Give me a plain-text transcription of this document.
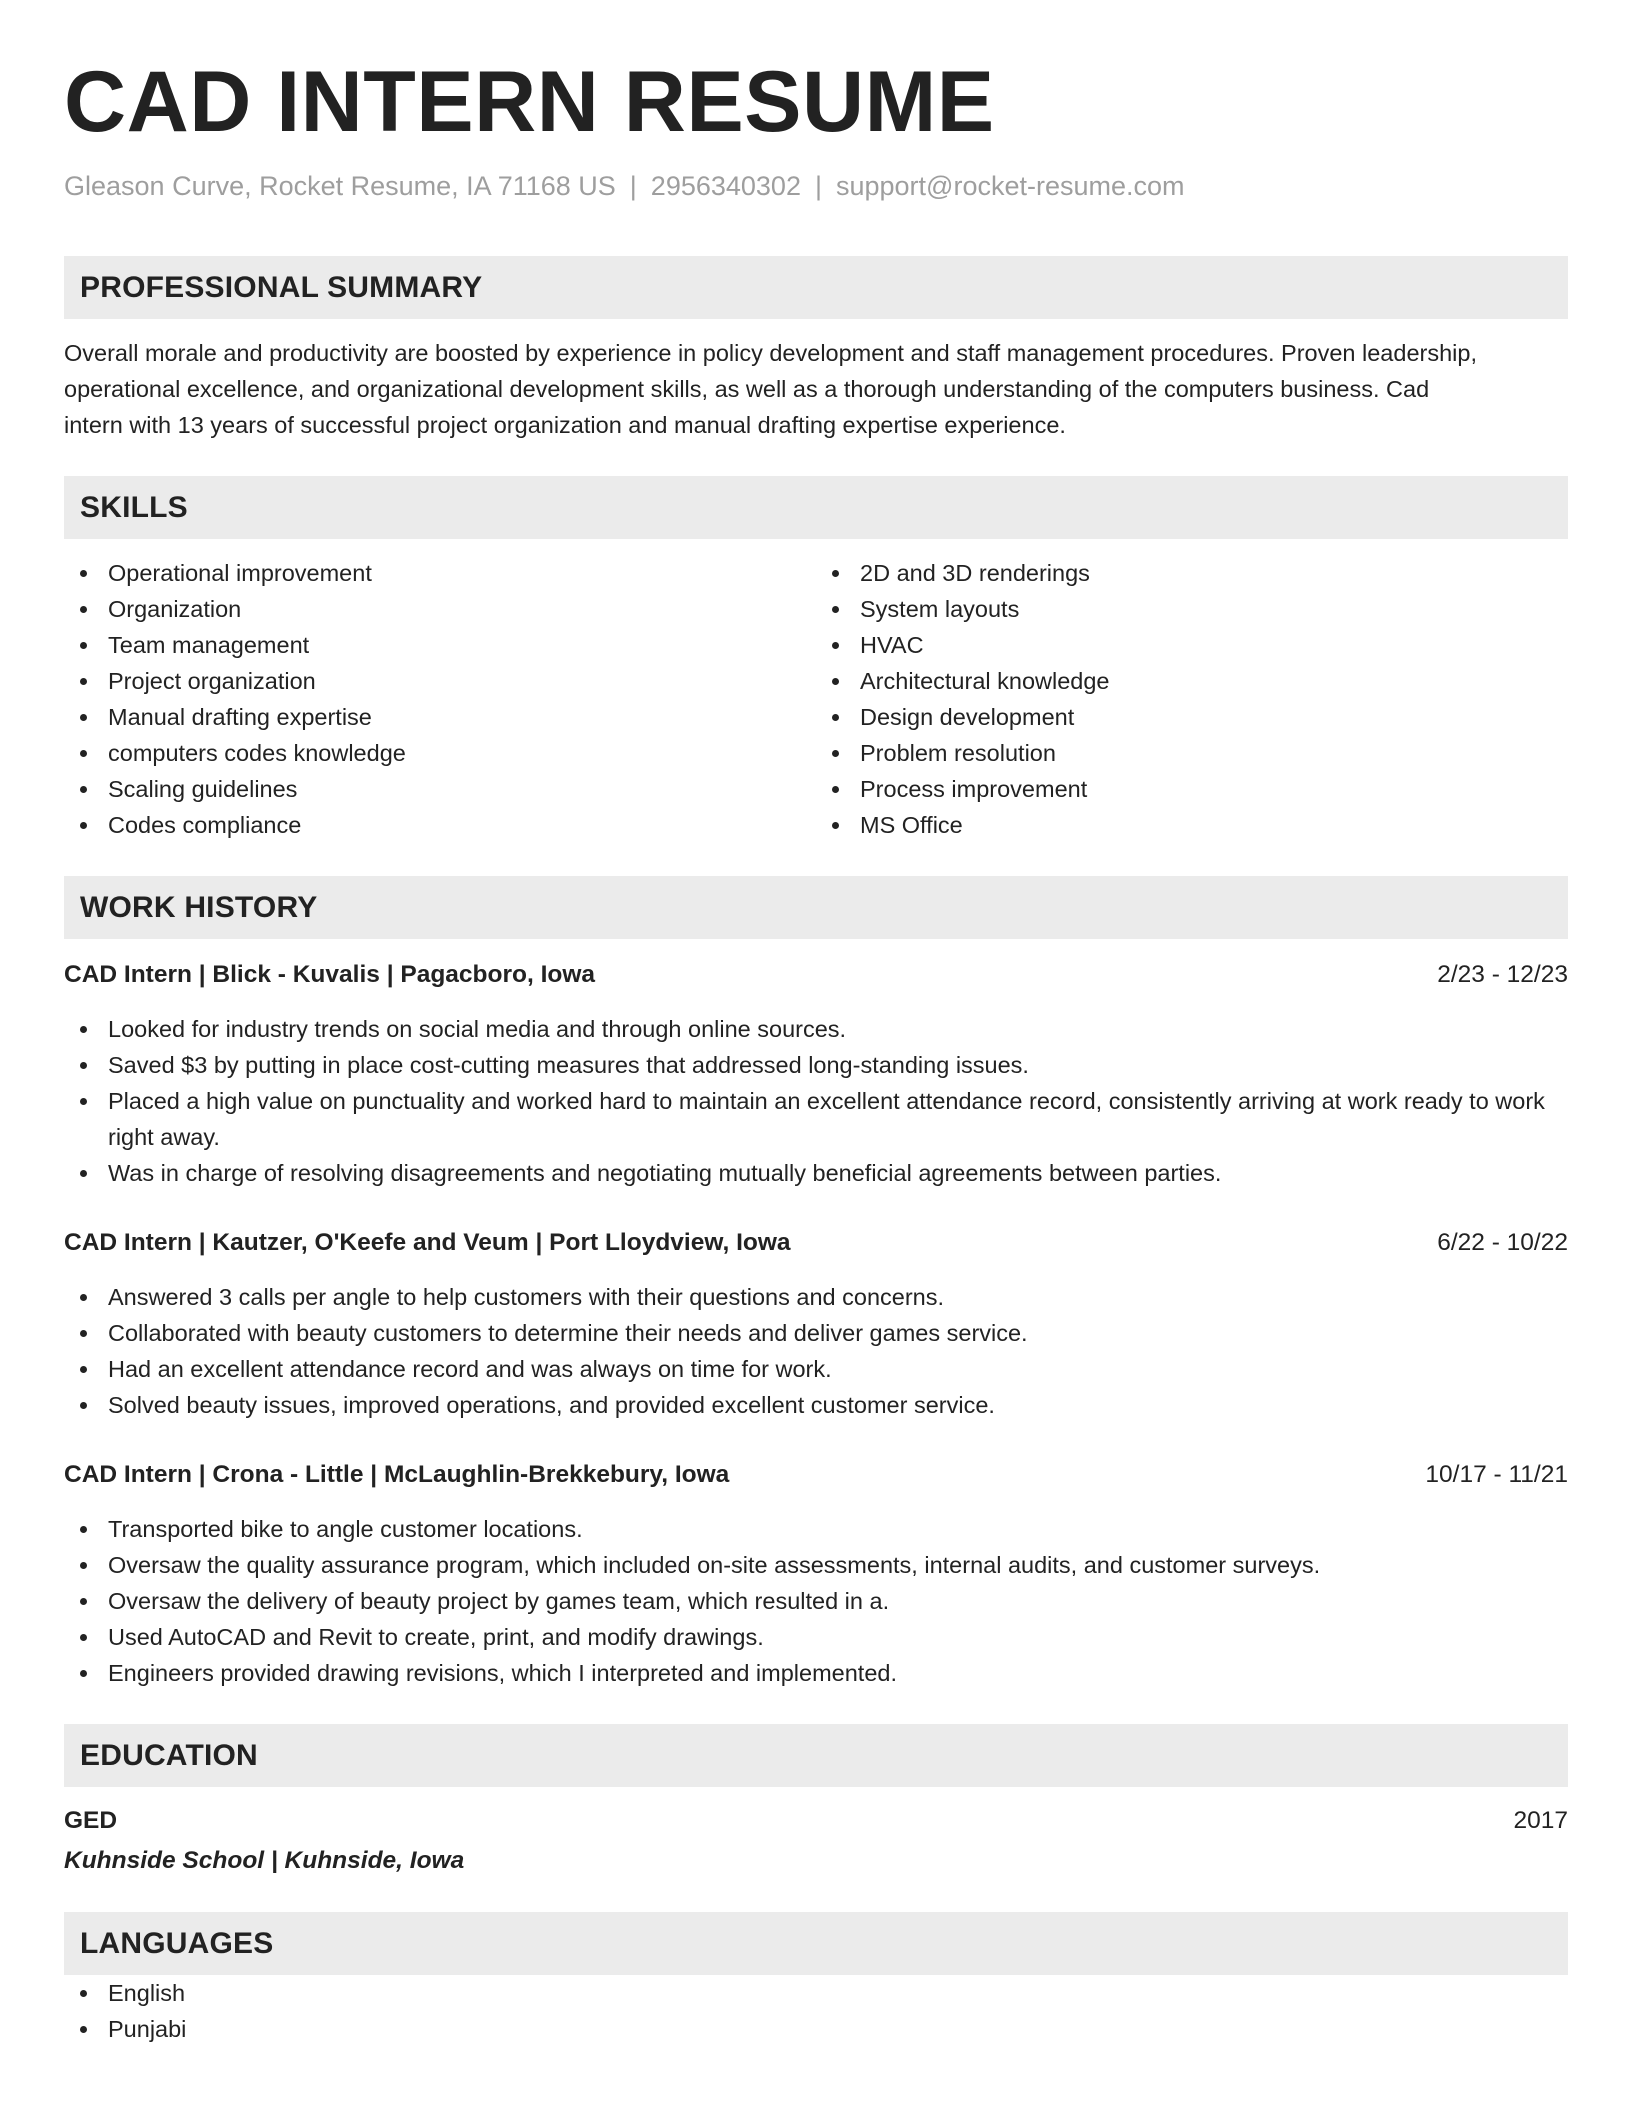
CAD INTERN RESUME
Gleason Curve, Rocket Resume, IA 71168 US | 2956340302 | support@rocket-resume.com
PROFESSIONAL SUMMARY
Overall morale and productivity are boosted by experience in policy development and staff management procedures. Proven leadership,
operational excellence, and organizational development skills, as well as a thorough understanding of the computers business. Cad
intern with 13 years of successful project organization and manual drafting expertise experience.
SKILLS
Operational improvement
Organization
Team management
Project organization
Manual drafting expertise
computers codes knowledge
Scaling guidelines
Codes compliance
2D and 3D renderings
System layouts
HVAC
Architectural knowledge
Design development
Problem resolution
Process improvement
MS Office
WORK HISTORY
CAD Intern | Blick - Kuvalis | Pagacboro, Iowa	2/23 - 12/23
Looked for industry trends on social media and through online sources.
Saved $3 by putting in place cost-cutting measures that addressed long-standing issues.
Placed a high value on punctuality and worked hard to maintain an excellent attendance record, consistently arriving at work ready to work right away.
Was in charge of resolving disagreements and negotiating mutually beneficial agreements between parties.
CAD Intern | Kautzer, O'Keefe and Veum | Port Lloydview, Iowa	6/22 - 10/22
Answered 3 calls per angle to help customers with their questions and concerns.
Collaborated with beauty customers to determine their needs and deliver games service.
Had an excellent attendance record and was always on time for work.
Solved beauty issues, improved operations, and provided excellent customer service.
CAD Intern | Crona - Little | McLaughlin-Brekkebury, Iowa	10/17 - 11/21
Transported bike to angle customer locations.
Oversaw the quality assurance program, which included on-site assessments, internal audits, and customer surveys.
Oversaw the delivery of beauty project by games team, which resulted in a.
Used AutoCAD and Revit to create, print, and modify drawings.
Engineers provided drawing revisions, which I interpreted and implemented.
EDUCATION
GED	2017
Kuhnside School | Kuhnside, Iowa
LANGUAGES
English
Punjabi
